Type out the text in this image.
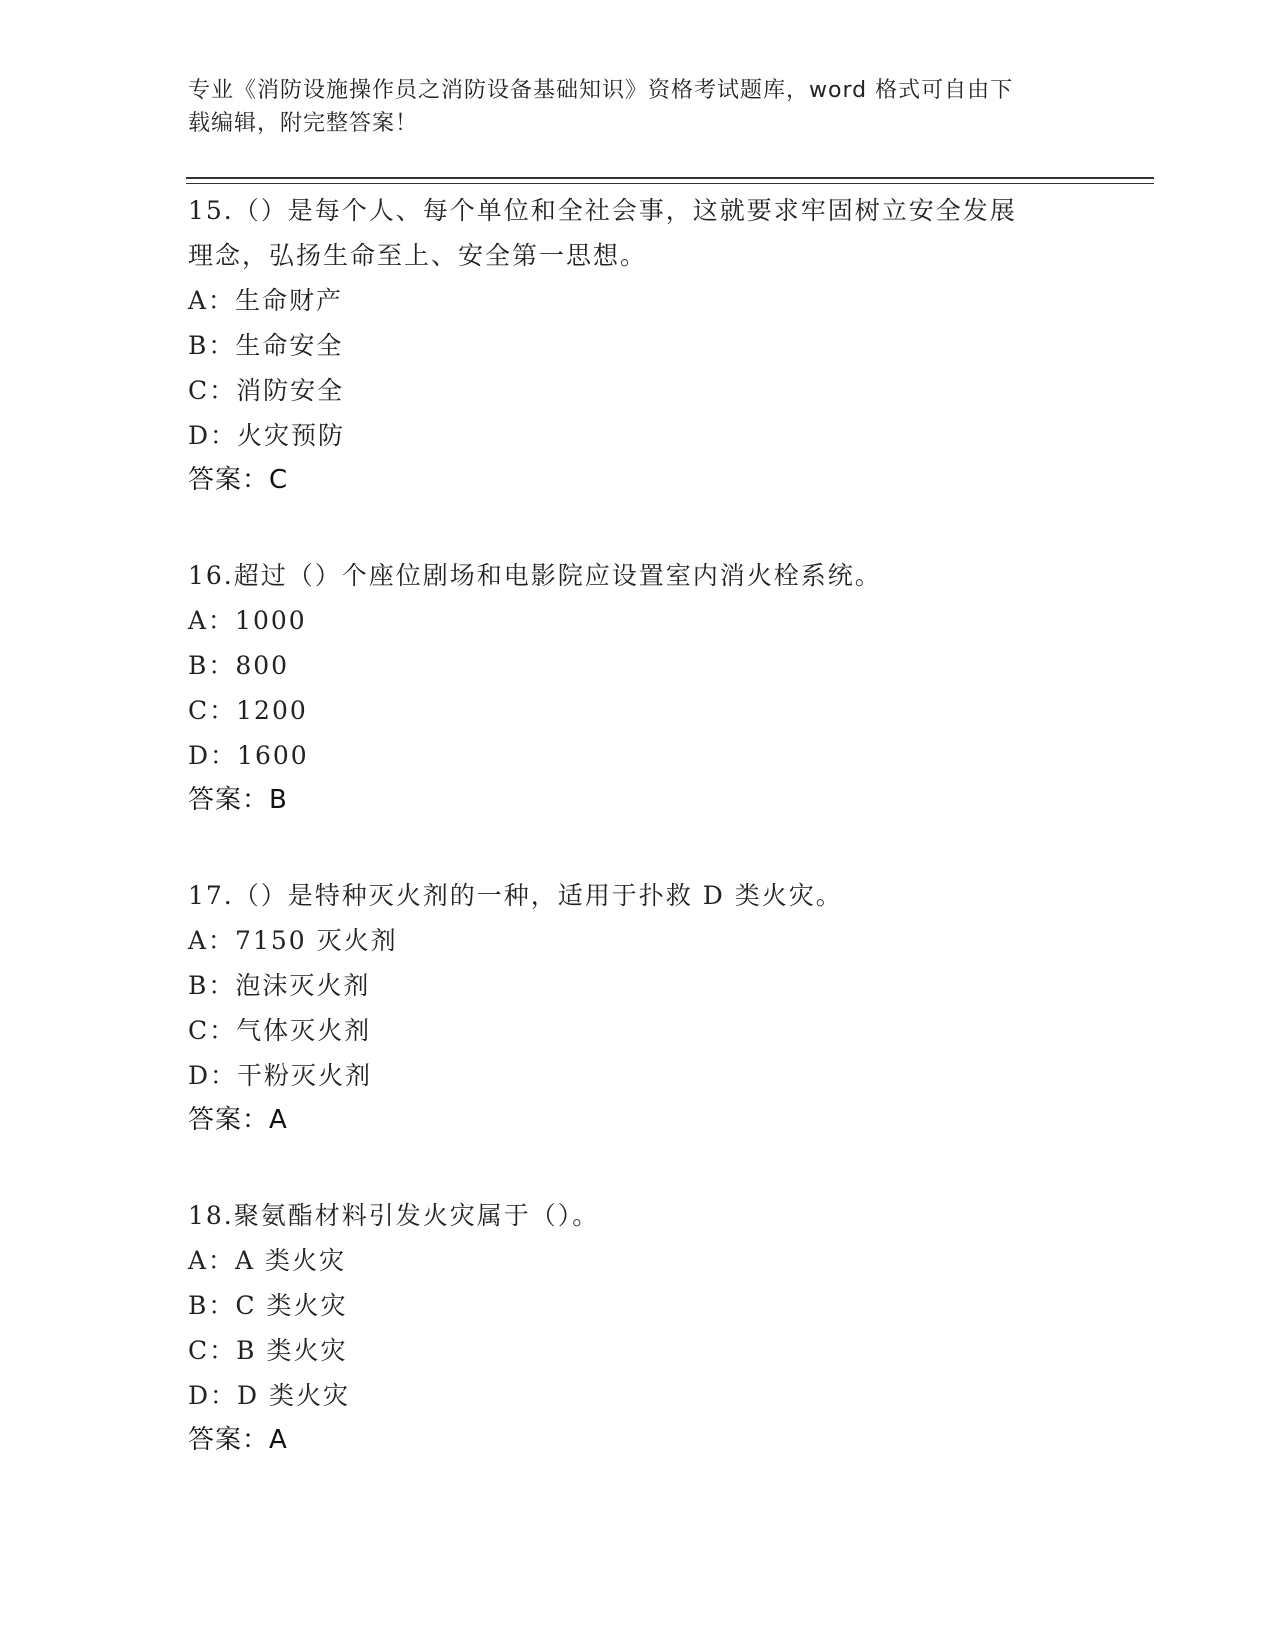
专业《消防设施操作员之消防设备基础知识》资格考试题库，word 格式可自由下
载编辑，附完整答案！
15.（）是每个人、每个单位和全社会事，这就要求牢固树立安全发展
理念，弘扬生命至上、安全第一思想。
A：生命财产
B：生命安全
C：消防安全
D：火灾预防
答案：C
16.超过（）个座位剧场和电影院应设置室内消火栓系统。
A：1000
B：800
C：1200
D：1600
答案：B
17.（）是特种灭火剂的一种，适用于扑救 D 类火灾。
A：7150 灭火剂
B：泡沫灭火剂
C：气体灭火剂
D：干粉灭火剂
答案：A
18.聚氨酯材料引发火灾属于（）。
A：A 类火灾
B：C 类火灾
C：B 类火灾
D：D 类火灾
答案：A
